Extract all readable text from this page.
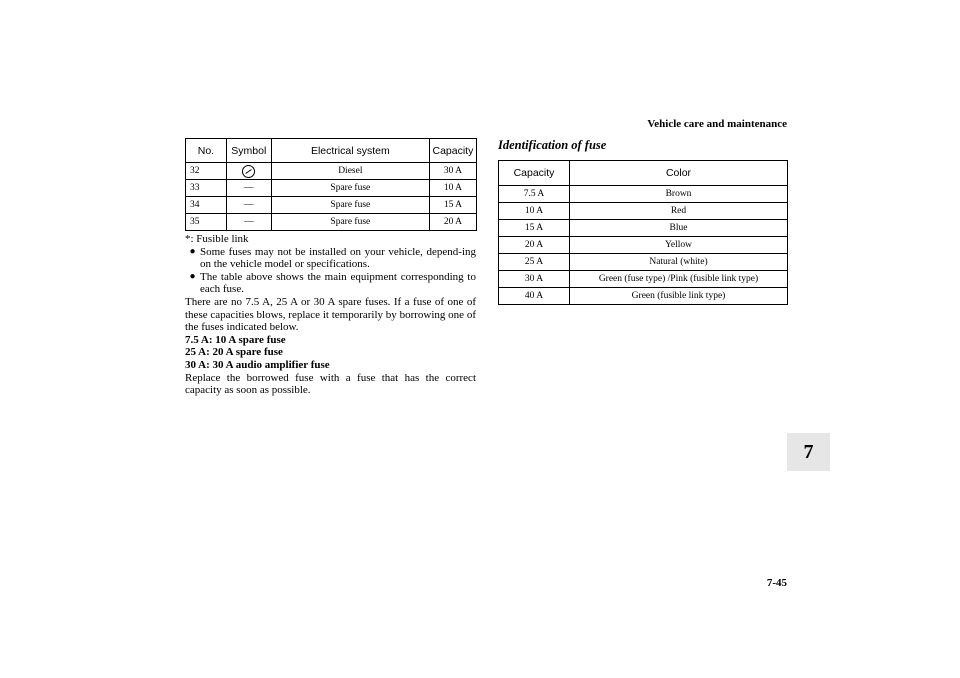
Vehicle care and maintenance
No.	Symbol	Electrical system	Capacity
32		Diesel	30 A
33	—	Spare fuse	10 A
34	—	Spare fuse	15 A
35	—	Spare fuse	20 A

*: Fusible link

● Some fuses may not be installed on your vehicle, depend-ing on the vehicle model or specifications.
● The table above shows the main equipment corresponding to each fuse.

There are no 7.5 A, 25 A or 30 A spare fuses. If a fuse of one of these capacities blows, replace it temporarily by borrowing one of the fuses indicated below.

7.5 A: 10 A spare fuse

25 A: 20 A spare fuse

30 A: 30 A audio amplifier fuse

Replace the borrowed fuse with a fuse that has the correct capacity as soon as possible.

Identification of fuse
Capacity	Color
7.5 A	Brown
10 A	Red
15 A	Blue
20 A	Yellow
25 A	Natural (white)
30 A	Green (fuse type) /Pink (fusible link type)
40 A	Green (fusible link type)
7
7-45
